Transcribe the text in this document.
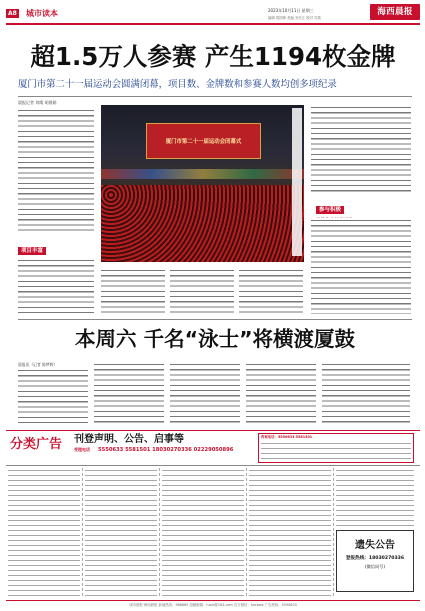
A8 城市读本	2023年10月11日 星期三
编辑 郭国珍 美编 刘长江 校对 苏燕
海西晨报
超1.5万人参赛 产生1194枚金牌
厦门市第二十一届运动会圆满闭幕，项目数、金牌数和参赛人数均创多项纪录
晨报记者 刘晴 胡群娟
项目丰富
厦门市第二十一届运动会闭幕式
参与积极
本周六 千名“泳士”将横渡厦鼓
晨报讯（记者 陈梦婷）
分类广告	刊登声明、公告、启事等
受理电话	5550633 5581501 18030270336 02229050896
咨询电话：5550633 5581501
遗失公告
登报热线：18030270336
(微信同号)
城市晨报·海西晨报 新闻热线：968885 投稿邮箱：hxcb@163.com 官方微信：hxcbwx 广告热线：5550633
